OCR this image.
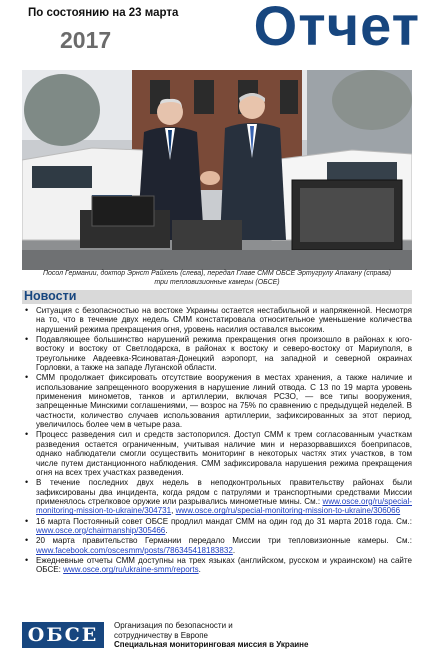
По состоянию на 23 марта
2017	Отчет
Посол Германии, доктор Эрнст Райхель (слева), передал Главе СММ ОБСЕ Эртугрулу Апакану (справа)
три тепловизионные камеры (ОБСЕ)
Новости
• Ситуация с безопасностью на востоке Украины остается нестабильной и напряженной. Несмотря на то, что в течение двух недель СММ констатировала относительное уменьшение количества нарушений режима прекращения огня, уровень насилия оставался высоким.
• Подавляющее большинство нарушений режима прекращения огня произошло в районах к юго-востоку и востоку от Светлодарска, в районах к востоку и северо-востоку от Мариуполя, в треугольнике Авдеевка-Ясиноватая-Донецкий аэропорт, на западной и северной окраинах Горловки, а также на западе Луганской области.
• СММ продолжает фиксировать отсутствие вооружения в местах хранения, а также наличие и использование запрещенного вооружения в нарушение линий отвода. С 13 по 19 марта уровень применения минометов, танков и артиллерии, включая РСЗО, — все типы вооружения, запрещенные Минскими соглашениями, — возрос на 75% по сравнению с предыдущей неделей. В частности, количество случаев использования артиллерии, зафиксированных за этот период, увеличилось более чем в четыре раза.
• Процесс разведения сил и средств застопорился. Доступ СММ к трем согласованным участкам разведения остается ограниченным, учитывая наличие мин и неразорвавшихся боеприпасов, однако наблюдатели смогли осуществить мониторинг в некоторых частях этих участков, в том числе путем дистанционного наблюдения. СММ зафиксировала нарушения режима прекращения огня на всех трех участках разведения.
• В течение последних двух недель в неподконтрольных правительству районах были зафиксированы два инцидента, когда рядом с патрулями и транспортными средствами Миссии применялось стрелковое оружие или разрывались минометные мины. См.: www.osce.org/ru/special-monitoring-mission-to-ukraine/304731, www.osce.org/ru/special-monitoring-mission-to-ukraine/306066
• 16 марта Постоянный совет ОБСЕ продлил мандат СММ на один год до 31 марта 2018 года. См.: www.osce.org/chairmanship/305466.
• 20 марта правительство Германии передало Миссии три тепловизионные камеры. См.: www.facebook.com/oscesmm/posts/786345418183832.
• Ежедневные отчеты СММ доступны на трех языках (английском, русском и украинском) на сайте ОБСЕ: www.osce.org/ru/ukraine-smm/reports.
ОБСЕ	Организация по безопасности и
сотрудничеству в Европе
Специальная мониторинговая миссия в Украине
